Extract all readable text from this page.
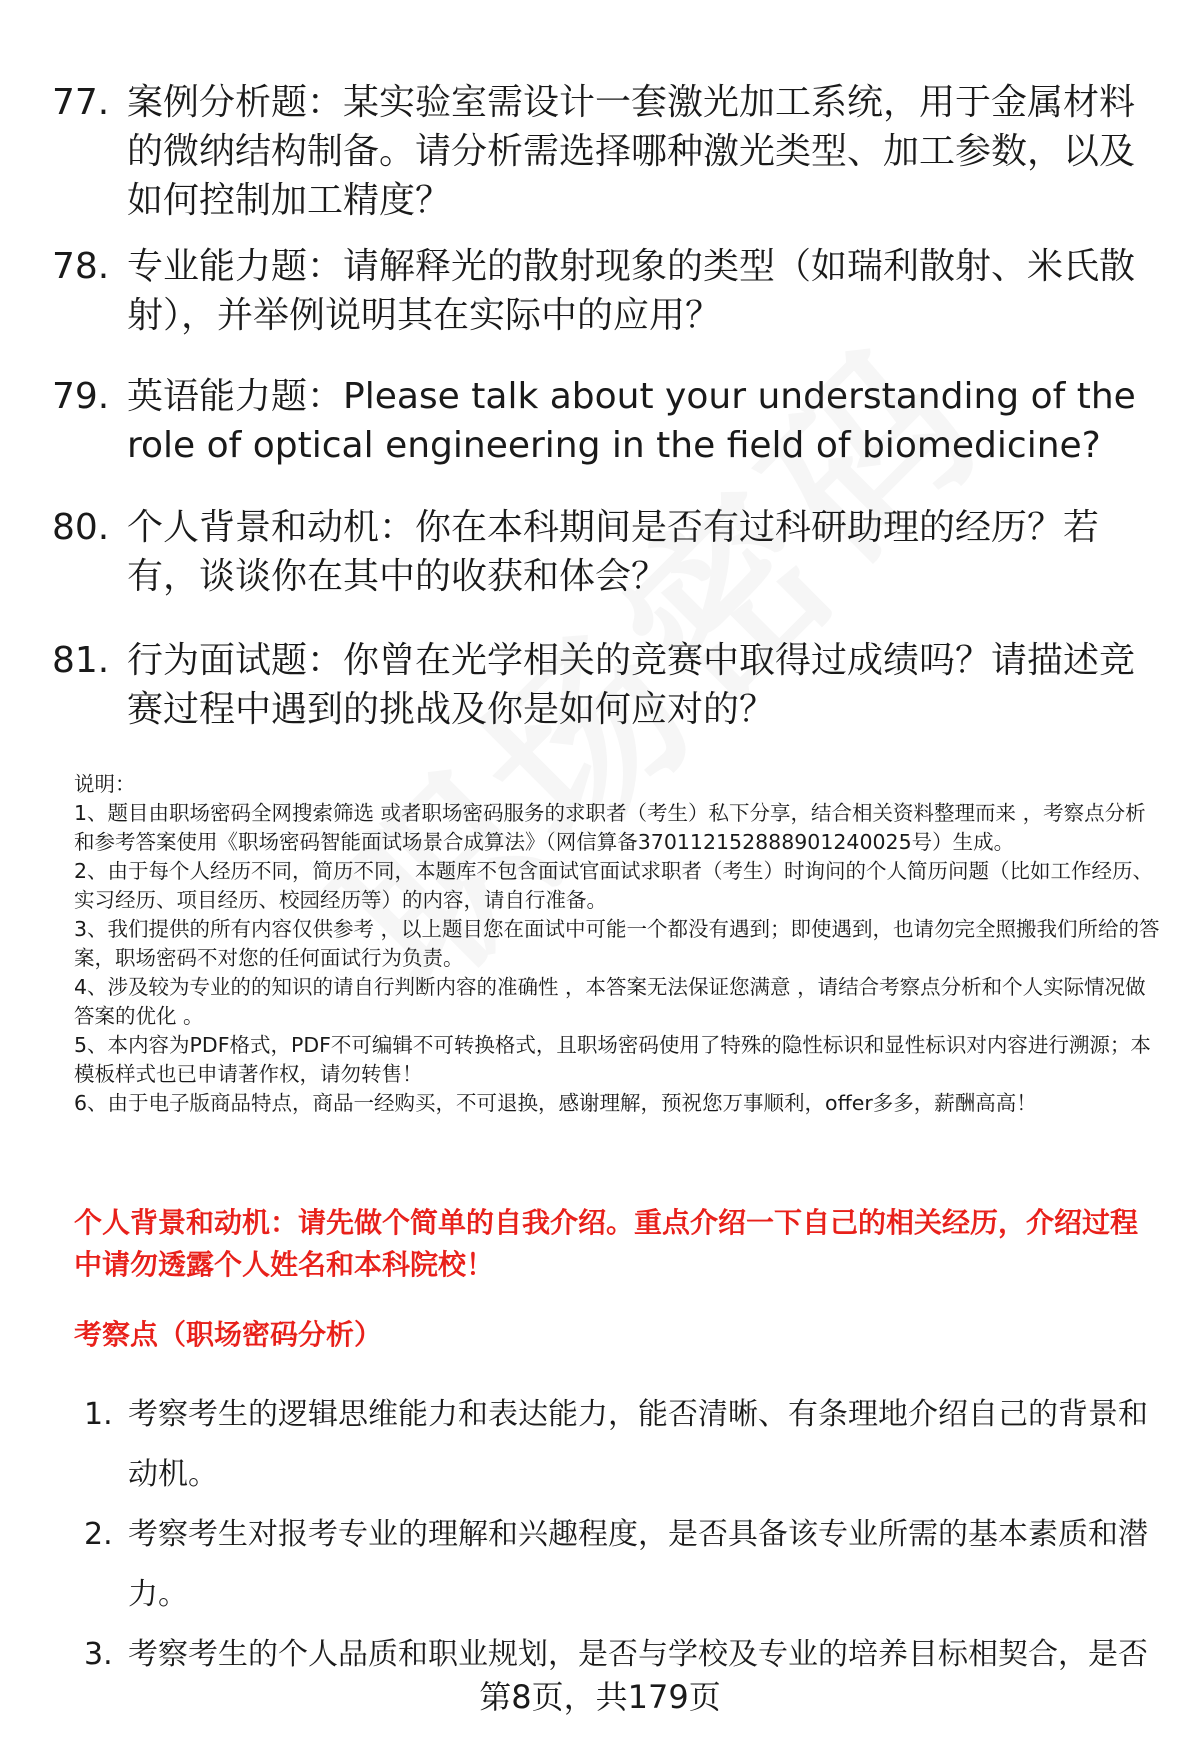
77. 案例分析题：某实验室需设计一套激光加工系统，用于金属材料的微纳结构制备。请分析需选择哪种激光类型、加工参数，以及如何控制加工精度？
78. 专业能力题：请解释光的散射现象的类型（如瑞利散射、米氏散射），并举例说明其在实际中的应用？
79. 英语能力题：Please talk about your understanding of the role of optical engineering in the field of biomedicine?
80. 个人背景和动机：你在本科期间是否有过科研助理的经历？若有，谈谈你在其中的收获和体会？
81. 行为面试题：你曾在光学相关的竞赛中取得过成绩吗？请描述竞赛过程中遇到的挑战及你是如何应对的？

说明：

1、题目由职场密码全网搜索筛选 或者职场密码服务的求职者（考生）私下分享，结合相关资料整理而来 ，考察点分析和参考答案使用《职场密码智能面试场景合成算法》（网信算备370112152888901240025号）生成。

2、由于每个人经历不同，简历不同，本题库不包含面试官面试求职者（考生）时询问的个人简历问题（比如工作经历、实习经历、项目经历、校园经历等）的内容，请自行准备。

3、我们提供的所有内容仅供参考 ，以上题目您在面试中可能一个都没有遇到；即使遇到，也请勿完全照搬我们所给的答案，职场密码不对您的任何面试行为负责。

4、涉及较为专业的的知识的请自行判断内容的准确性 ，本答案无法保证您满意 ，请结合考察点分析和个人实际情况做答案的优化 。

5、本内容为PDF格式，PDF不可编辑不可转换格式，且职场密码使用了特殊的隐性标识和显性标识对内容进行溯源；本模板样式也已申请著作权，请勿转售！

6、由于电子版商品特点，商品一经购买，不可退换，感谢理解，预祝您万事顺利，offer多多，薪酬高高！

个人背景和动机：请先做个简单的自我介绍。重点介绍一下自己的相关经历，介绍过程中请勿透露个人姓名和本科院校！
考察点（职场密码分析）
1. 考察考生的逻辑思维能力和表达能力，能否清晰、有条理地介绍自己的背景和动机。
2. 考察考生对报考专业的理解和兴趣程度，是否具备该专业所需的基本素质和潜力。
3. 考察考生的个人品质和职业规划，是否与学校及专业的培养目标相契合，是否
第8页，共179页
